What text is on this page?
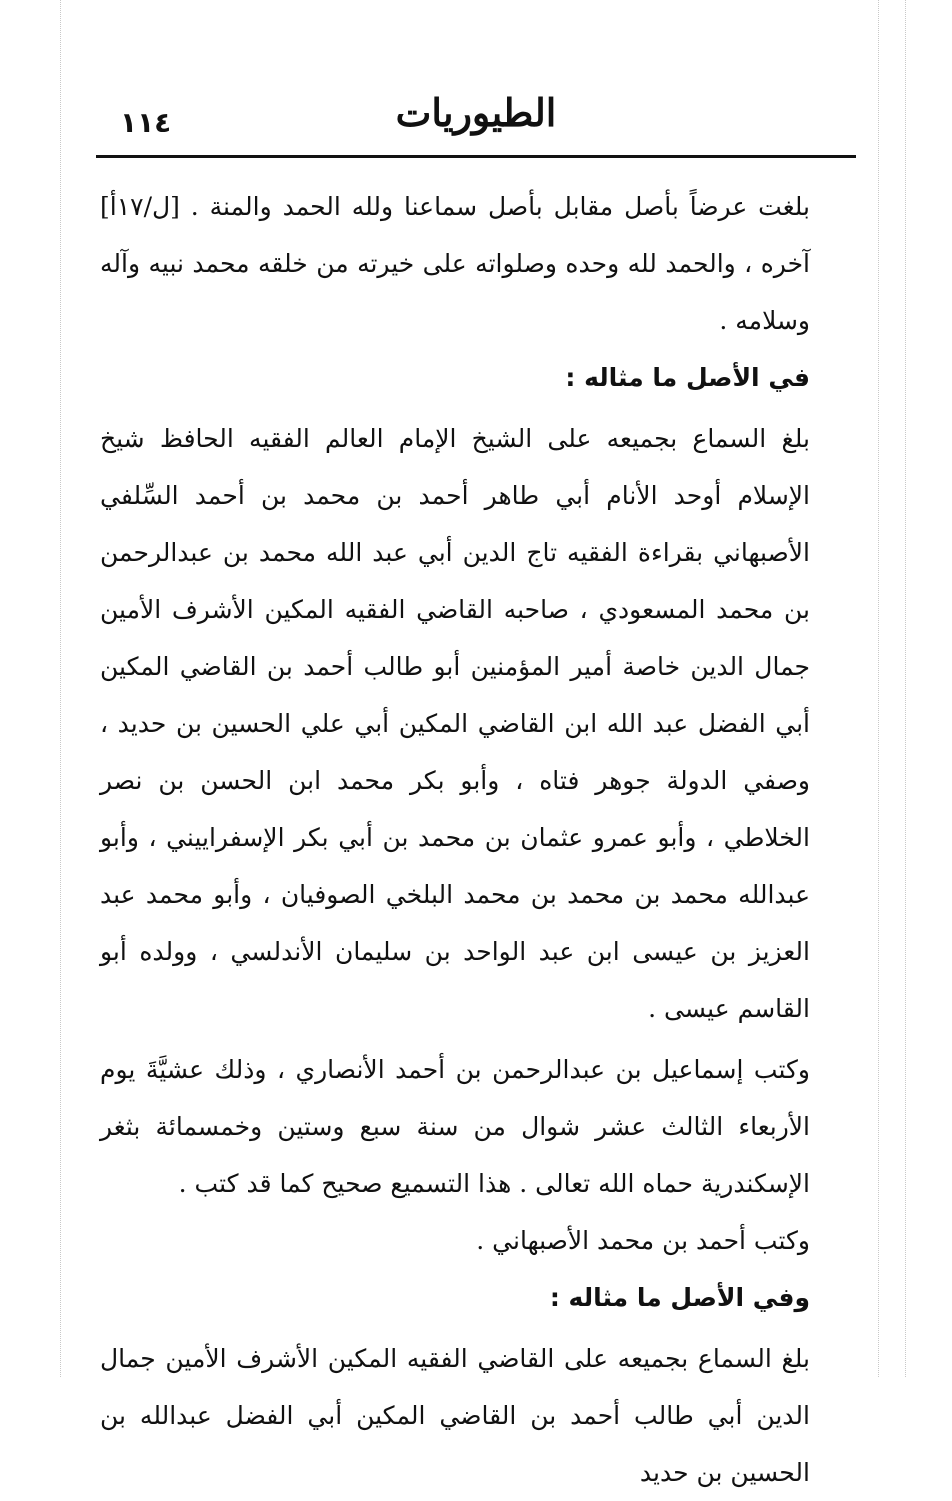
١١٤	الطيوريات

بلغت عرضاً بأصل مقابل بأصل سماعنا ولله الحمد والمنة . [ل/١٧أ] آخره ، والحمد لله وحده وصلواته على خيرته من خلقه محمد نبيه وآله وسلامه .

في الأصل ما مثاله :

بلغ السماع بجميعه على الشيخ الإمام العالم الفقيه الحافظ شيخ الإسلام أوحد الأنام أبي طاهر أحمد بن محمد بن أحمد السِّلفي الأصبهاني بقراءة الفقيه تاج الدين أبي عبد الله محمد بن عبدالرحمن بن محمد المسعودي ، صاحبه القاضي الفقيه المكين الأشرف الأمين جمال الدين خاصة أمير المؤمنين أبو طالب أحمد بن القاضي المكين أبي الفضل عبد الله ابن القاضي المكين أبي علي الحسين بن حديد ، وصفي الدولة جوهر فتاه ، وأبو بكر محمد ابن الحسن بن نصر الخلاطي ، وأبو عمرو عثمان بن محمد بن أبي بكر الإسفراييني ، وأبو عبدالله محمد بن محمد بن محمد البلخي الصوفيان ، وأبو محمد عبد العزيز بن عيسى ابن عبد الواحد بن سليمان الأندلسي ، وولده أبو القاسم عيسى .

وكتب إسماعيل بن عبدالرحمن بن أحمد الأنصاري ، وذلك عشيَّةَ يوم الأربعاء الثالث عشر شوال من سنة سبع وستين وخمسمائة بثغر الإسكندرية حماه الله تعالى . هذا التسميع صحيح كما قد كتب .

وكتب أحمد بن محمد الأصبهاني .

وفي الأصل ما مثاله :

بلغ السماع بجميعه على القاضي الفقيه المكين الأشرف الأمين جمال الدين أبي طالب أحمد بن القاضي المكين أبي الفضل عبدالله بن الحسين بن حديد
